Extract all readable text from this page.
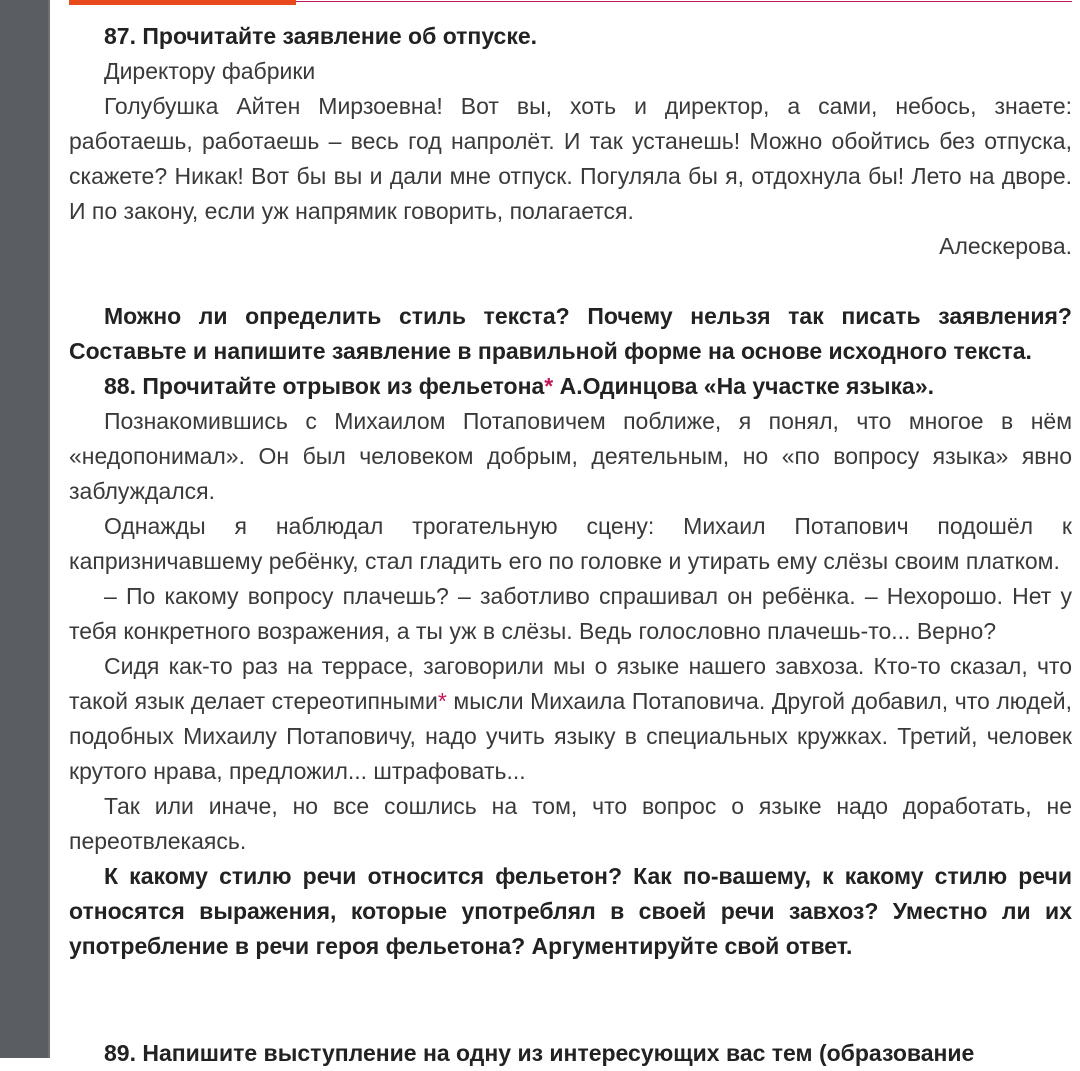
87. Прочитайте заявление об отпуске.

Директору фабрики

Голубушка Айтен Мирзоевна! Вот вы, хоть и директор, а сами, небось, знаете: работаешь, работаешь – весь год напролёт. И так устанешь! Можно обойтись без отпуска, скажете? Никак! Вот бы вы и дали мне отпуск. Погуляла бы я, отдохнула бы! Лето на дворе. И по закону, если уж напрямик говорить, полагается.

Алескерова.

Можно ли определить стиль текста? Почему нельзя так писать заявления? Составьте и напишите заявление в правильной форме на основе исходного текста.

88. Прочитайте отрывок из фельетона* А.Одинцова «На участке языка».

Познакомившись с Михаилом Потаповичем поближе, я понял, что многое в нём «недопонимал». Он был человеком добрым, деятельным, но «по вопросу языка» явно заблуждался.

Однажды я наблюдал трогательную сцену: Михаил Потапович подошёл к капризничавшему ребёнку, стал гладить его по головке и утирать ему слёзы своим платком.

– По какому вопросу плачешь? – заботливо спрашивал он ребёнка. – Нехорошо. Нет у тебя конкретного возражения, а ты уж в слёзы. Ведь голословно плачешь-то... Верно?

Сидя как-то раз на террасе, заговорили мы о языке нашего завхоза. Кто-то сказал, что такой язык делает стереотипными* мысли Михаила Потаповича. Другой добавил, что людей, подобных Михаилу Потаповичу, надо учить языку в специальных кружках. Третий, человек крутого нрава, предложил... штрафовать...

Так или иначе, но все сошлись на том, что вопрос о языке надо доработать, не переотвлекаясь.

К какому стилю речи относится фельетон? Как по-вашему, к какому стилю речи относятся выражения, которые употреблял в своей речи завхоз? Уместно ли их употребление в речи героя фельетона? Аргументируйте свой ответ.

89. Напишите выступление на одну из интересующих вас тем (образование
